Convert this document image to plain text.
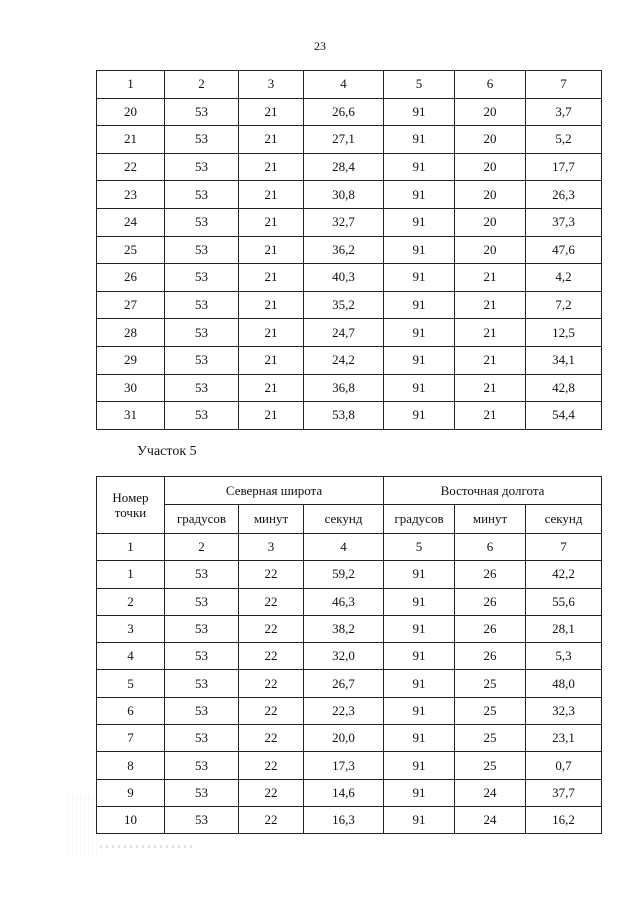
23
1	2	3	4	5	6	7
20	53	21	26,6	91	20	3,7
21	53	21	27,1	91	20	5,2
22	53	21	28,4	91	20	17,7
23	53	21	30,8	91	20	26,3
24	53	21	32,7	91	20	37,3
25	53	21	36,2	91	20	47,6
26	53	21	40,3	91	21	4,2
27	53	21	35,2	91	21	7,2
28	53	21	24,7	91	21	12,5
29	53	21	24,2	91	21	34,1
30	53	21	36,8	91	21	42,8
31	53	21	53,8	91	21	54,4
Участок 5
Номер
точки	Северная широта			Восточная долгота		
	градусов	минут	секунд	градусов	минут	секунд
1	2	3	4	5	6	7
1	53	22	59,2	91	26	42,2
2	53	22	46,3	91	26	55,6
3	53	22	38,2	91	26	28,1
4	53	22	32,0	91	26	5,3
5	53	22	26,7	91	25	48,0
6	53	22	22,3	91	25	32,3
7	53	22	20,0	91	25	23,1
8	53	22	17,3	91	25	0,7
9	53	22	14,6	91	24	37,7
10	53	22	16,3	91	24	16,2
